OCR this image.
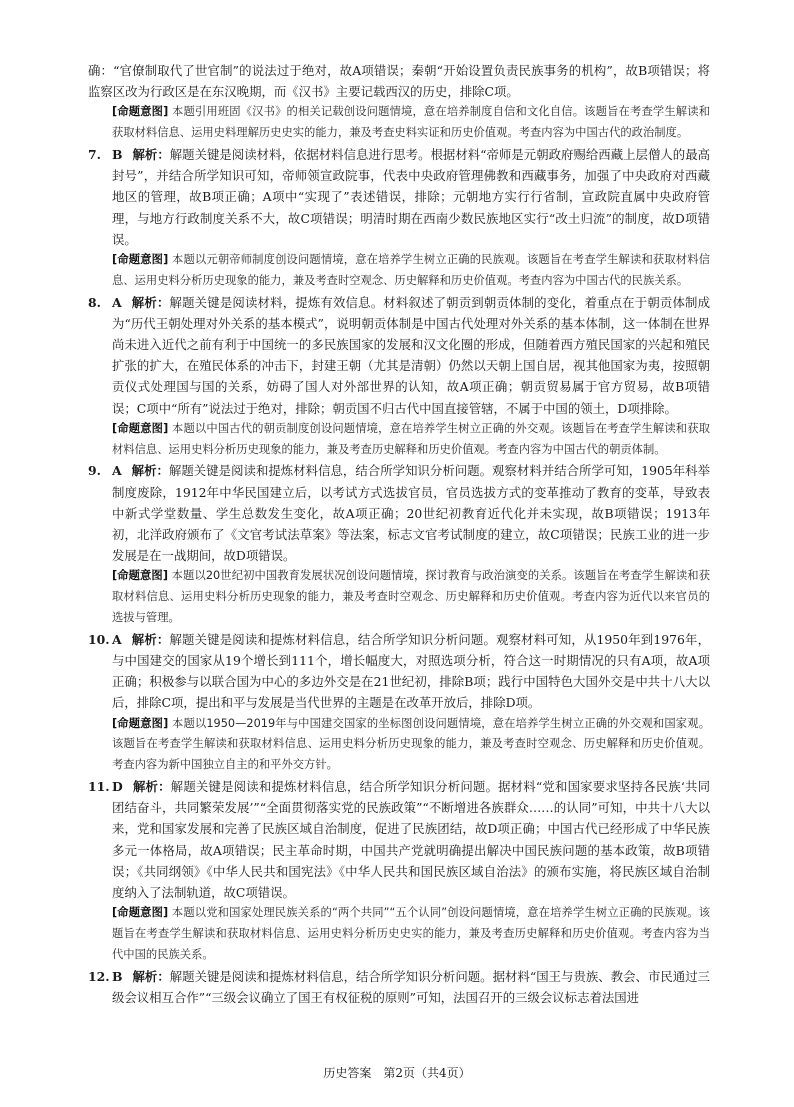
确：“官僚制取代了世官制”的说法过于绝对，故A项错误；秦朝“开始设置负责民族事务的机构”，故B项错误；将监察区改为行政区是在东汉晚期，而《汉书》主要记载西汉的历史，排除C项。

[命题意图] 本题引用班固《汉书》的相关记载创设问题情境，意在培养制度自信和文化自信。该题旨在考查学生解读和获取材料信息、运用史料理解历史史实的能力，兼及考查史料实证和历史价值观。考查内容为中国古代的政治制度。

7. B 解析：解题关键是阅读材料，依据材料信息进行思考。根据材料“帝师是元朝政府赐给西藏上层僧人的最高封号”，并结合所学知识可知，帝师领宣政院事，代表中央政府管理佛教和西藏事务，加强了中央政府对西藏地区的管理，故B项正确；A项中“实现了”表述错误，排除；元朝地方实行行省制，宣政院直属中央政府管理，与地方行政制度关系不大，故C项错误；明清时期在西南少数民族地区实行“改土归流”的制度，故D项错误。

[命题意图] 本题以元朝帝师制度创设问题情境，意在培养学生树立正确的民族观。该题旨在考查学生解读和获取材料信息、运用史料分析历史现象的能力，兼及考查时空观念、历史解释和历史价值观。考查内容为中国古代的民族关系。

8. A 解析：解题关键是阅读材料，提炼有效信息。材料叙述了朝贡到朝贡体制的变化，着重点在于朝贡体制成为“历代王朝处理对外关系的基本模式”，说明朝贡体制是中国古代处理对外关系的基本体制，这一体制在世界尚未进入近代之前有利于中国统一的多民族国家的发展和汉文化圈的形成，但随着西方殖民国家的兴起和殖民扩张的扩大，在殖民体系的冲击下，封建王朝（尤其是清朝）仍然以天朝上国自居，视其他国家为夷，按照朝贡仪式处理国与国的关系，妨碍了国人对外部世界的认知，故A项正确；朝贡贸易属于官方贸易，故B项错误；C项中“所有”说法过于绝对，排除；朝贡国不归古代中国直接管辖，不属于中国的领土，D项排除。

[命题意图] 本题以中国古代的朝贡制度创设问题情境，意在培养学生树立正确的外交观。该题旨在考查学生解读和获取材料信息、运用史料分析历史现象的能力，兼及考查历史解释和历史价值观。考查内容为中国古代的朝贡体制。

9. A 解析：解题关键是阅读和提炼材料信息，结合所学知识分析问题。观察材料并结合所学可知，1905年科举制度废除，1912年中华民国建立后，以考试方式选拔官员，官员选拔方式的变革推动了教育的变革，导致表中新式学堂数量、学生总数发生变化，故A项正确；20世纪初教育近代化并未实现，故B项错误；1913年初，北洋政府颁布了《文官考试法草案》等法案，标志文官考试制度的建立，故C项错误；民族工业的进一步发展是在一战期间，故D项错误。

[命题意图] 本题以20世纪初中国教育发展状况创设问题情境，探讨教育与政治演变的关系。该题旨在考查学生解读和获取材料信息、运用史料分析历史现象的能力，兼及考查时空观念、历史解释和历史价值观。考查内容为近代以来官员的选拔与管理。

10. A 解析：解题关键是阅读和提炼材料信息，结合所学知识分析问题。观察材料可知，从1950年到1976年，与中国建交的国家从19个增长到111个，增长幅度大，对照选项分析，符合这一时期情况的只有A项，故A项正确；积极参与以联合国为中心的多边外交是在21世纪初，排除B项；践行中国特色大国外交是中共十八大以后，排除C项，提出和平与发展是当代世界的主题是在改革开放后，排除D项。

[命题意图] 本题以1950—2019年与中国建交国家的坐标图创设问题情境，意在培养学生树立正确的外交观和国家观。该题旨在考查学生解读和获取材料信息、运用史料分析历史现象的能力，兼及考查时空观念、历史解释和历史价值观。考查内容为新中国独立自主的和平外交方针。

11. D 解析：解题关键是阅读和提炼材料信息，结合所学知识分析问题。据材料“党和国家要求坚持各民族‘共同团结奋斗，共同繁荣发展’”“全面贯彻落实党的民族政策”“不断增进各族群众……的认同”可知，中共十八大以来，党和国家发展和完善了民族区域自治制度，促进了民族团结，故D项正确；中国古代已经形成了中华民族多元一体格局，故A项错误；民主革命时期，中国共产党就明确提出解决中国民族问题的基本政策，故B项错误；《共同纲领》《中华人民共和国宪法》《中华人民共和国民族区域自治法》的颁布实施，将民族区域自治制度纳入了法制轨道，故C项错误。

[命题意图] 本题以党和国家处理民族关系的“两个共同”“五个认同”创设问题情境，意在培养学生树立正确的民族观。该题旨在考查学生解读和获取材料信息、运用史料分析历史史实的能力，兼及考查历史解释和历史价值观。考查内容为当代中国的民族关系。

12. B 解析：解题关键是阅读和提炼材料信息，结合所学知识分析问题。据材料“国王与贵族、教会、市民通过三级会议相互合作”“三级会议确立了国王有权征税的原则”可知，法国召开的三级会议标志着法国进

历史答案　第2页（共4页）
